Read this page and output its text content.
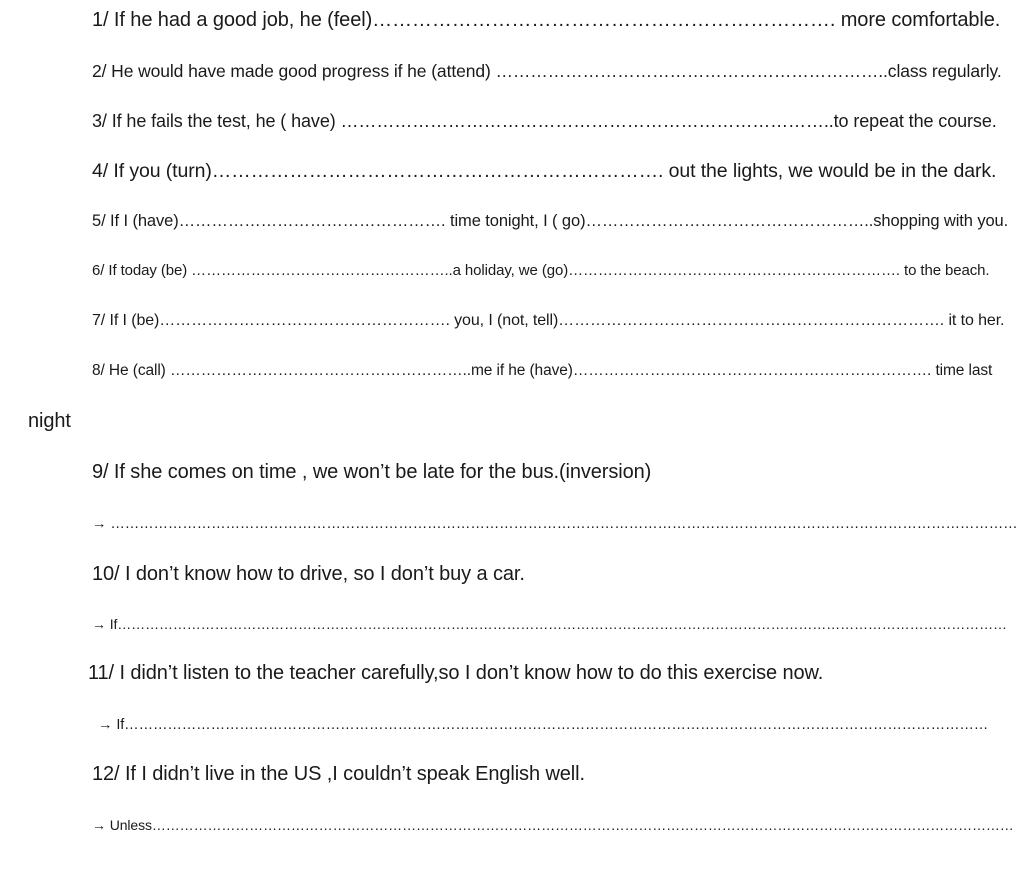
1/ If he had a good job, he (feel)……………………………………………………………. more comfortable.
2/ He would have made good progress if he (attend) …………………………………………………………..class regularly.
3/ If he fails the test, he ( have) ………………………………………………………………………..to repeat the course.
4/ If you (turn)……………………………………………………………. out the lights, we would be in the dark.
5/ If I (have)…………………………………………. time tonight, I ( go)……………………………………………..shopping with you.
6/ If today (be) ……………………………………………..a holiday, we (go)…………………………………………………………. to the beach.
7/ If I (be)………………………………………………. you, I (not, tell)………………………………………………………………. it to her.
8/ He (call) …………………………………………………..me if he (have)……………………………………………………………. time last
night
9/ If she comes on time , we won’t be late for the bus.(inversion)
→ ………………………………………………………………………………………………………………………………………………………………………
10/ I don’t know how to drive, so I don’t buy a car.
→ If…………………………………………………………………………………………………………………………………………………………………………
11/ I didn’t listen to the teacher carefully,so I don’t know how to do this exercise now.
→ If………………………………………………………………………………………………………………………………………………………………
12/ If I didn’t live in the US ,I couldn’t speak English well.
→ Unless……………………………………………………………………………………………………………………………………………………………………
